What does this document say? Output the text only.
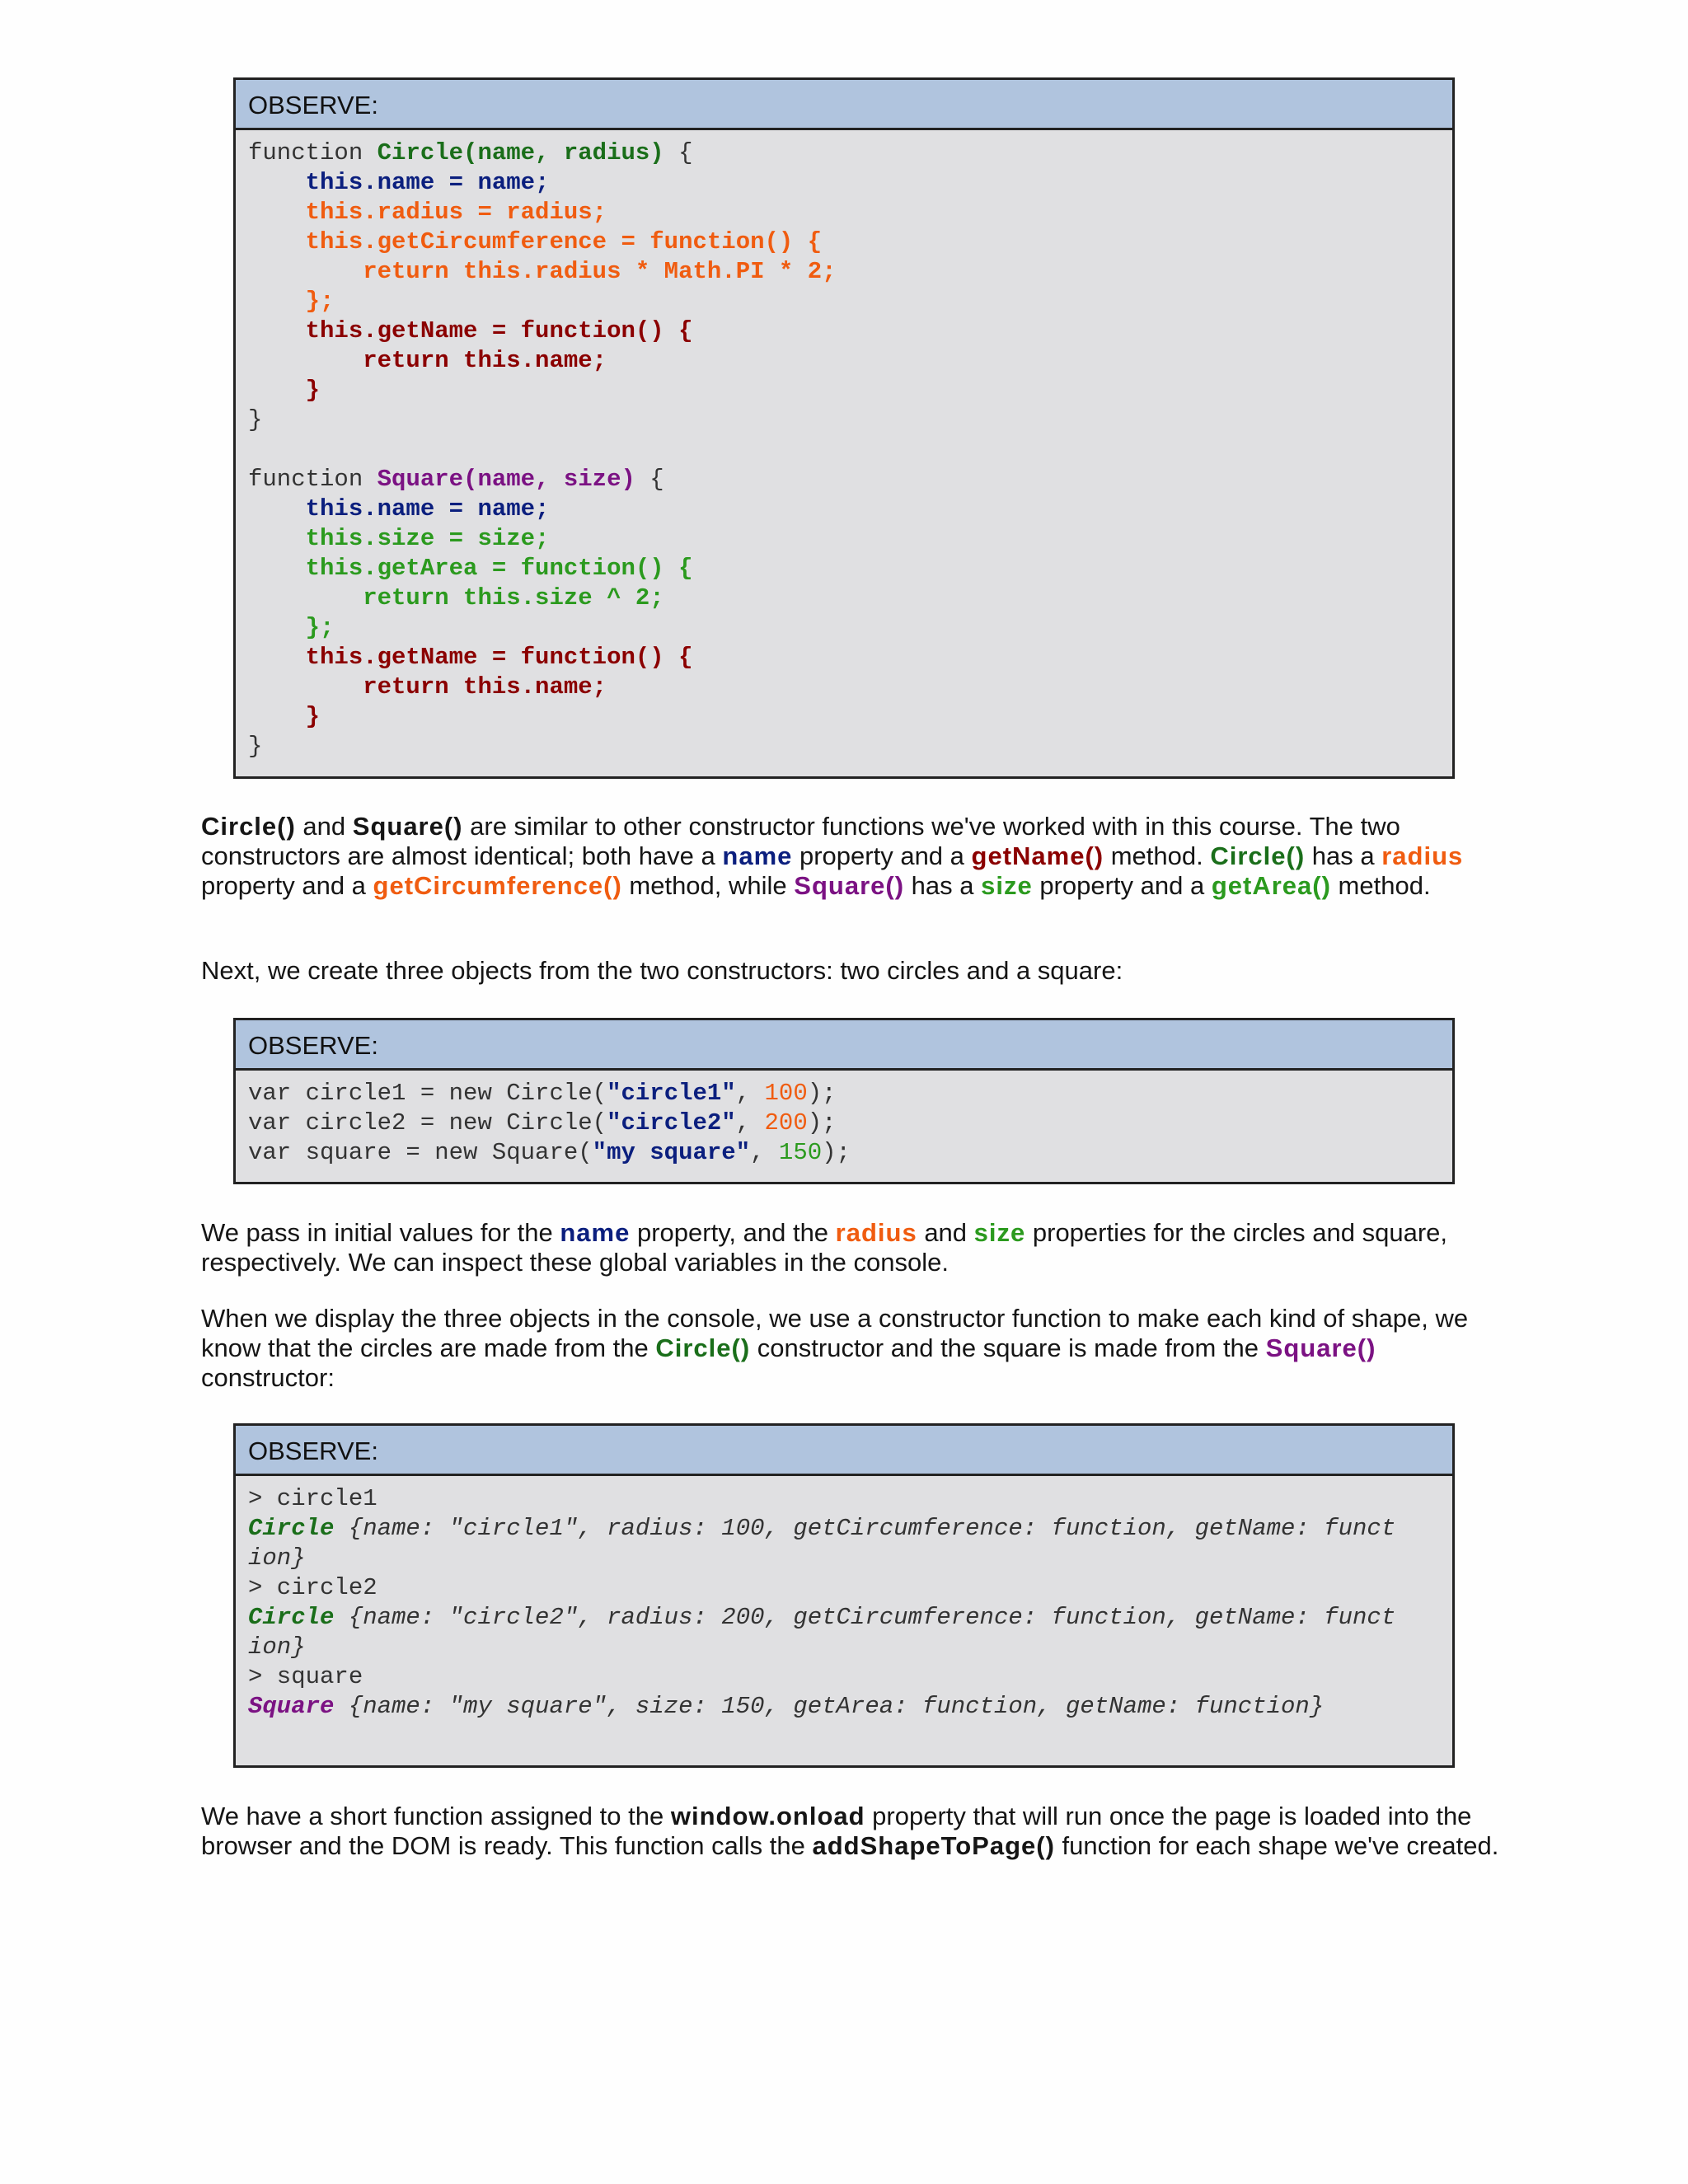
OBSERVE:
function Circle(name, radius) {
this.name = name;
this.radius = radius;
this.getCircumference = function() {
return this.radius * Math.PI * 2;
};
this.getName = function() {
return this.name;
}
}
function Square(name, size) {
this.name = name;
this.size = size;
this.getArea = function() {
return this.size ^ 2;
};
this.getName = function() {
return this.name;
}
}

Circle() and Square() are similar to other constructor functions we've worked with in this course. The two constructors are almost identical; both have a name property and a getName() method. Circle() has a radius property and a getCircumference() method, while Square() has a size property and a getArea() method.

Next, we create three objects from the two constructors: two circles and a square:

OBSERVE:
var circle1 = new Circle("circle1", 100);
var circle2 = new Circle("circle2", 200);
var square = new Square("my square", 150);

We pass in initial values for the name property, and the radius and size properties for the circles and square, respectively. We can inspect these global variables in the console.

When we display the three objects in the console, we use a constructor function to make each kind of shape, we know that the circles are made from the Circle() constructor and the square is made from the Square() constructor:

OBSERVE:
> circle1
Circle {name: "circle1", radius: 100, getCircumference: function, getName: funct
ion}
> circle2
Circle {name: "circle2", radius: 200, getCircumference: function, getName: funct
ion}
> square
Square {name: "my square", size: 150, getArea: function, getName: function}

We have a short function assigned to the window.onload property that will run once the page is loaded into the browser and the DOM is ready. This function calls the addShapeToPage() function for each shape we've created.
